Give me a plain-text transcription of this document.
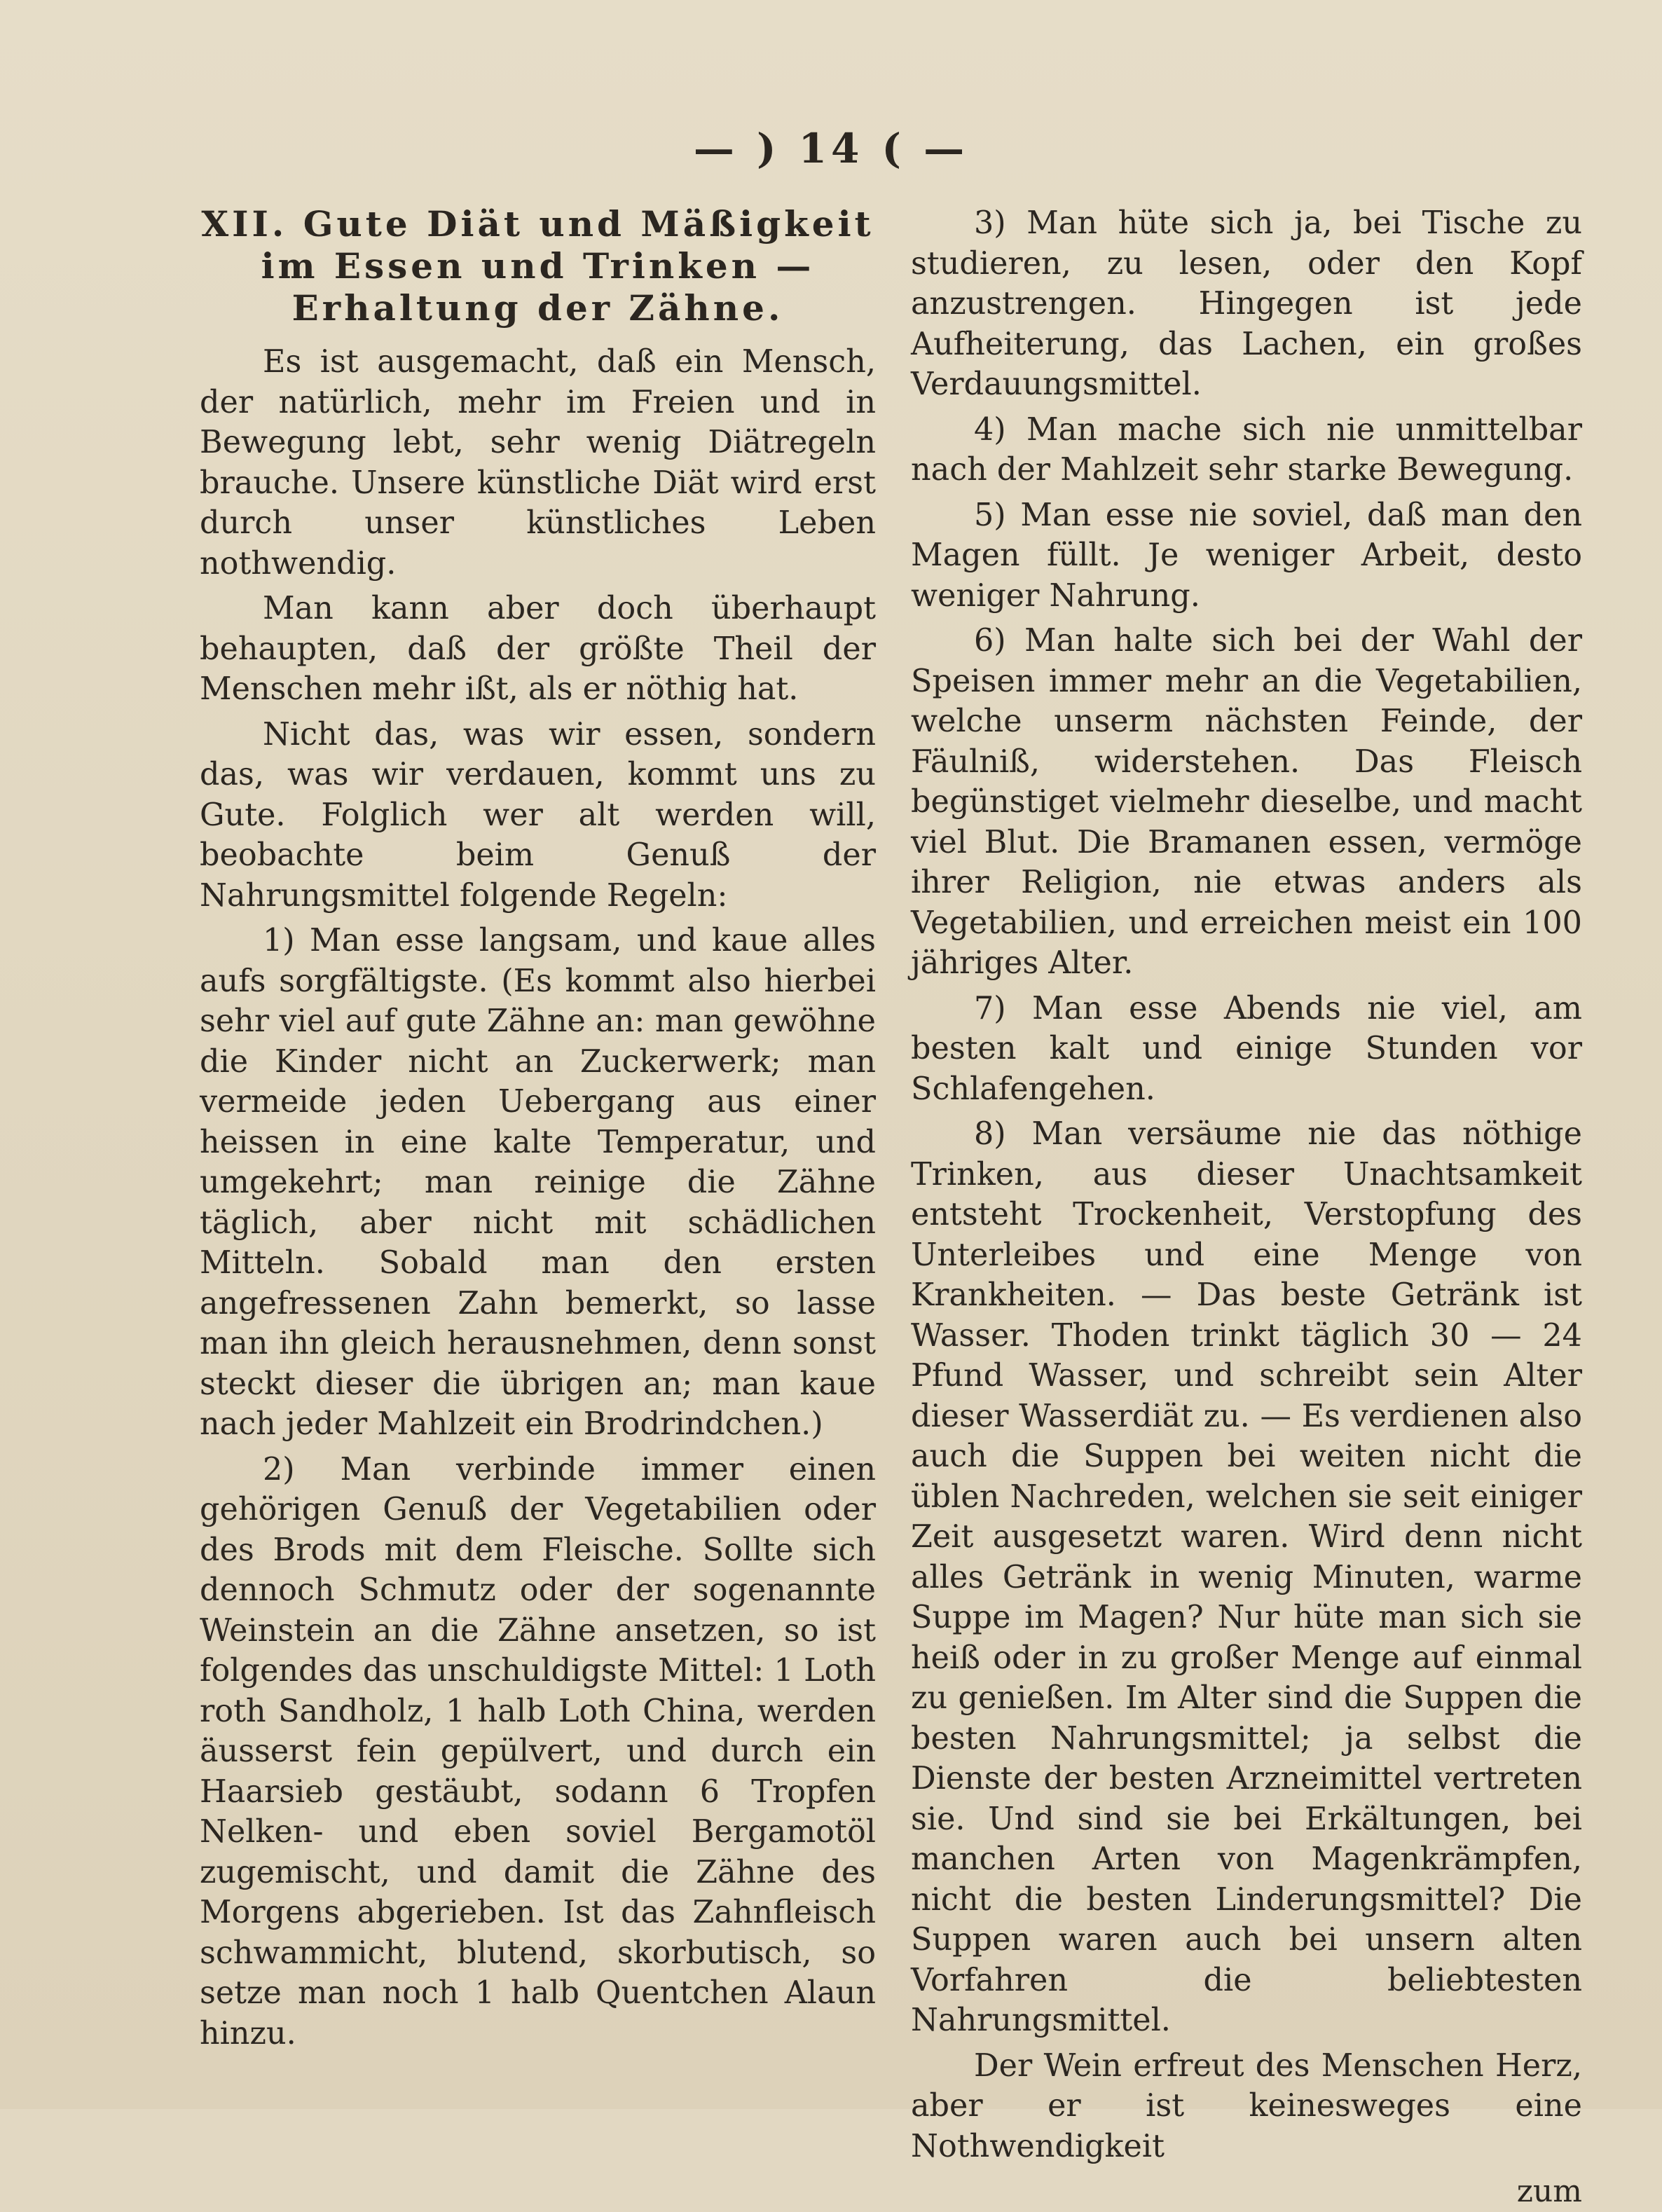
— ) 14 ( —
XII. Gute Diät und Mäßigkeit im Essen und Trinken — Erhaltung der Zähne.

Es ist ausgemacht, daß ein Mensch, der natürlich, mehr im Freien und in Bewegung lebt, sehr wenig Diätregeln brauche. Unsere künstliche Diät wird erst durch unser künstliches Leben nothwendig.

Man kann aber doch überhaupt behaupten, daß der größte Theil der Menschen mehr ißt, als er nöthig hat.

Nicht das, was wir essen, sondern das, was wir verdauen, kommt uns zu Gute. Folglich wer alt werden will, beobachte beim Genuß der Nahrungsmittel folgende Regeln:

1) Man esse langsam, und kaue alles aufs sorgfältigste. (Es kommt also hierbei sehr viel auf gute Zähne an: man gewöhne die Kinder nicht an Zuckerwerk; man vermeide jeden Uebergang aus einer heissen in eine kalte Temperatur, und umgekehrt; man reinige die Zähne täglich, aber nicht mit schädlichen Mitteln. Sobald man den ersten angefressenen Zahn bemerkt, so lasse man ihn gleich herausnehmen, denn sonst steckt dieser die übrigen an; man kaue nach jeder Mahlzeit ein Brodrindchen.)

2) Man verbinde immer einen gehörigen Genuß der Vegetabilien oder des Brods mit dem Fleische. Sollte sich dennoch Schmutz oder der sogenannte Weinstein an die Zähne ansetzen, so ist folgendes das unschuldigste Mittel: 1 Loth roth Sandholz, 1 halb Loth China, werden äusserst fein gepülvert, und durch ein Haarsieb gestäubt, sodann 6 Tropfen Nelken- und eben soviel Bergamotöl zugemischt, und damit die Zähne des Morgens abgerieben. Ist das Zahnfleisch schwammicht, blutend, skorbutisch, so setze man noch 1 halb Quentchen Alaun hinzu.

3) Man hüte sich ja, bei Tische zu studieren, zu lesen, oder den Kopf anzustrengen. Hingegen ist jede Aufheiterung, das Lachen, ein großes Verdauungsmittel.

4) Man mache sich nie unmittelbar nach der Mahlzeit sehr starke Bewegung.

5) Man esse nie soviel, daß man den Magen füllt. Je weniger Arbeit, desto weniger Nahrung.

6) Man halte sich bei der Wahl der Speisen immer mehr an die Vegetabilien, welche unserm nächsten Feinde, der Fäulniß, widerstehen. Das Fleisch begünstiget vielmehr dieselbe, und macht viel Blut. Die Bramanen essen, vermöge ihrer Religion, nie etwas anders als Vegetabilien, und erreichen meist ein 100 jähriges Alter.

7) Man esse Abends nie viel, am besten kalt und einige Stunden vor Schlafengehen.

8) Man versäume nie das nöthige Trinken, aus dieser Unachtsamkeit entsteht Trockenheit, Verstopfung des Unterleibes und eine Menge von Krankheiten. — Das beste Getränk ist Wasser. Thoden trinkt täglich 30 — 24 Pfund Wasser, und schreibt sein Alter dieser Wasserdiät zu. — Es verdienen also auch die Suppen bei weiten nicht die üblen Nachreden, welchen sie seit einiger Zeit ausgesetzt waren. Wird denn nicht alles Getränk in wenig Minuten, warme Suppe im Magen? Nur hüte man sich sie heiß oder in zu großer Menge auf einmal zu genießen. Im Alter sind die Suppen die besten Nahrungsmittel; ja selbst die Dienste der besten Arzneimittel vertreten sie. Und sind sie bei Erkältungen, bei manchen Arten von Magenkrämpfen, nicht die besten Linderungsmittel? Die Suppen waren auch bei unsern alten Vorfahren die beliebtesten Nahrungsmittel.

Der Wein erfreut des Menschen Herz, aber er ist keinesweges eine Nothwendigkeit

zum
